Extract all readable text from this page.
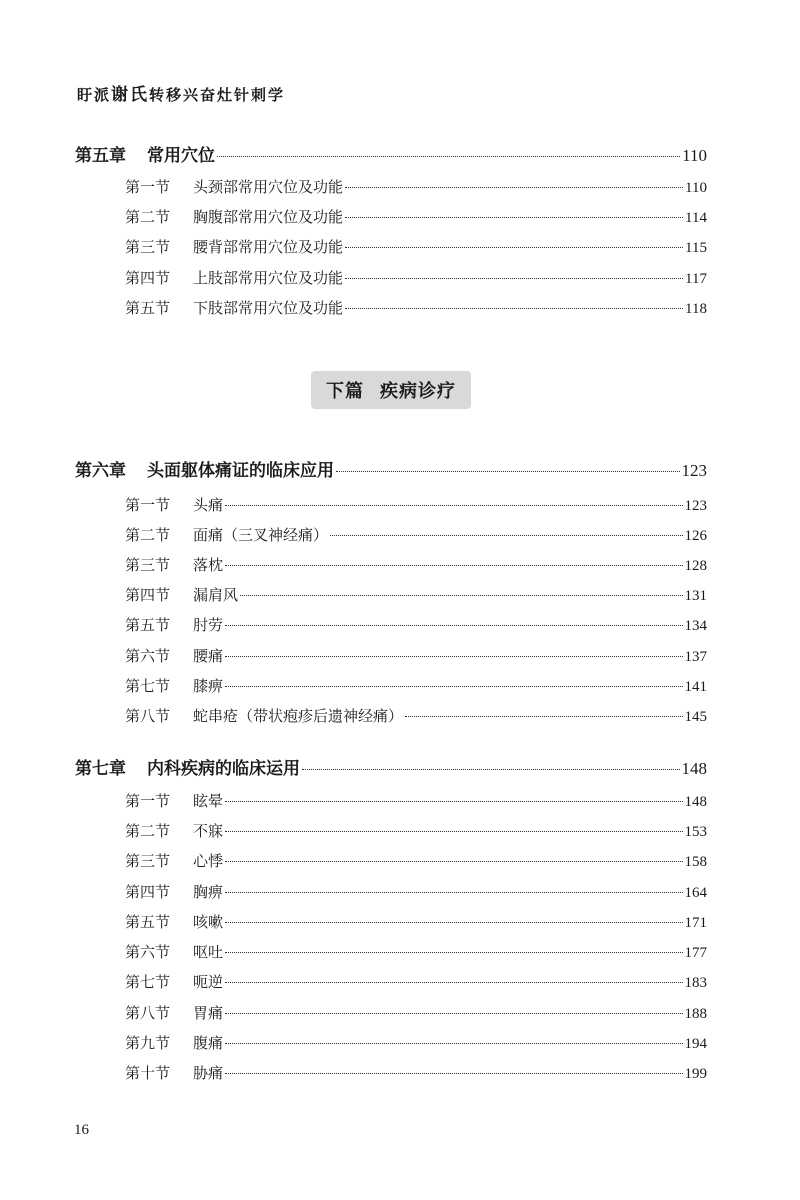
盱派谢氏转移兴奋灶针刺学
第五章	常用穴位	110
第一节	头颈部常用穴位及功能	110
第二节	胸腹部常用穴位及功能	114
第三节	腰背部常用穴位及功能	115
第四节	上肢部常用穴位及功能	117
第五节	下肢部常用穴位及功能	118
第六章	头面躯体痛证的临床应用	123
第一节	头痛	123
第二节	面痛（三叉神经痛）	126
第三节	落枕	128
第四节	漏肩风	131
第五节	肘劳	134
第六节	腰痛	137
第七节	膝痹	141
第八节	蛇串疮（带状疱疹后遗神经痛）	145
第七章	内科疾病的临床运用	148
第一节	眩晕	148
第二节	不寐	153
第三节	心悸	158
第四节	胸痹	164
第五节	咳嗽	171
第六节	呕吐	177
第七节	呃逆	183
第八节	胃痛	188
第九节	腹痛	194
第十节	胁痛	199
下篇 疾病诊疗
16
